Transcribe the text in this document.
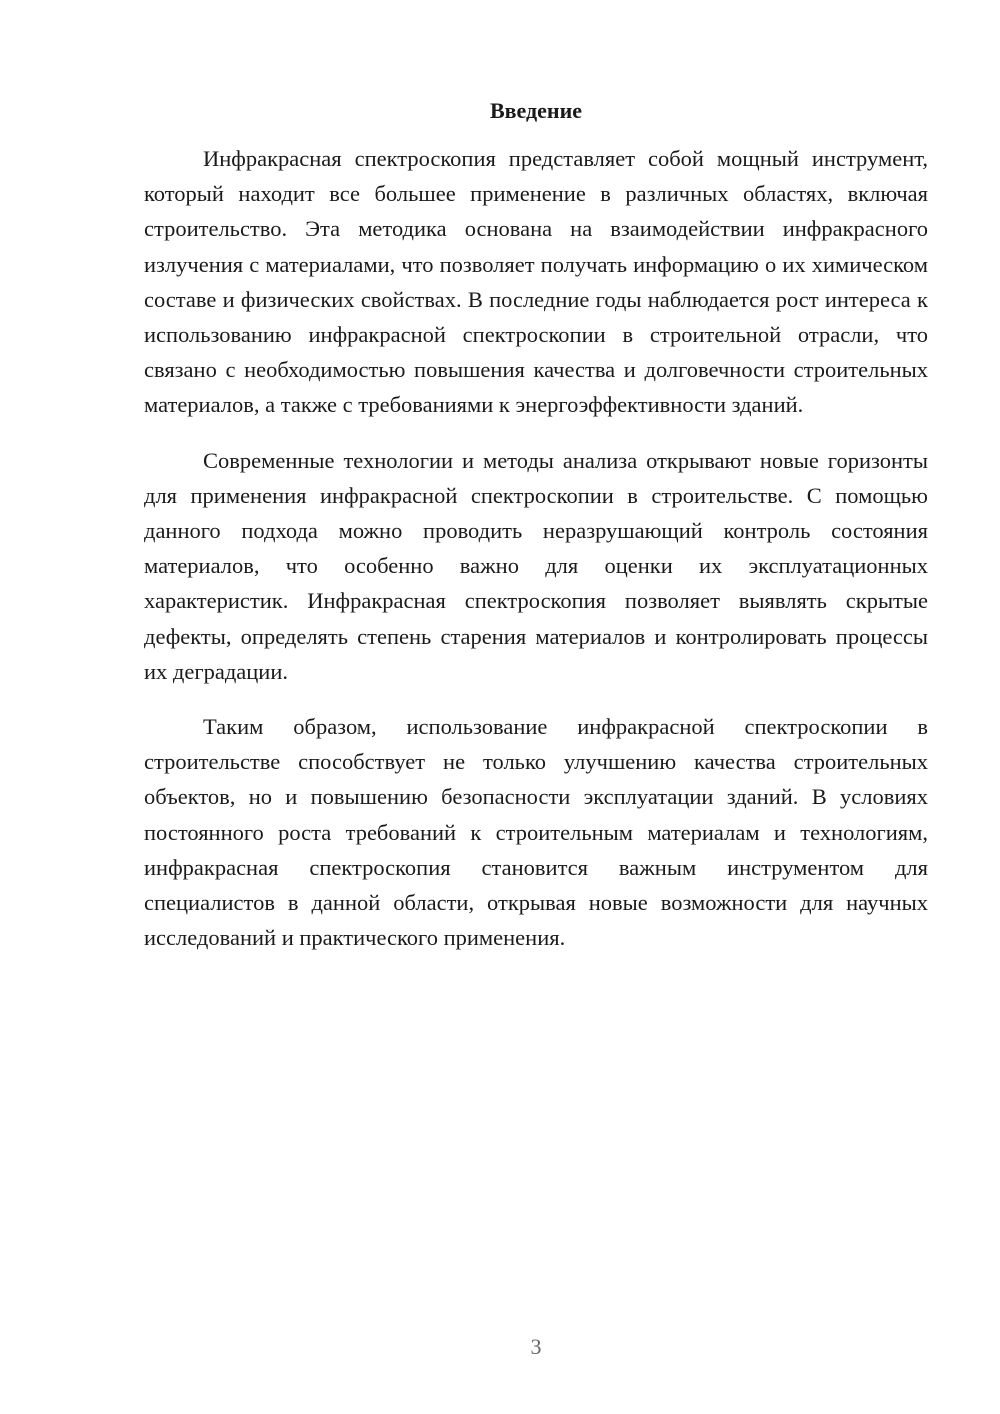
Введение

Инфракрасная спектроскопия представляет собой мощный инструмент, который находит все большее применение в различных областях, включая строительство. Эта методика основана на взаимодействии инфракрасного излучения с материалами, что позволяет получать информацию о их химическом составе и физических свойствах. В последние годы наблюдается рост интереса к использованию инфракрасной спектроскопии в строительной отрасли, что связано с необходимостью повышения качества и долговечности строительных материалов, а также с требованиями к энергоэффективности зданий.

Современные технологии и методы анализа открывают новые горизонты для применения инфракрасной спектроскопии в строительстве. С помощью данного подхода можно проводить неразрушающий контроль состояния материалов, что особенно важно для оценки их эксплуатационных характеристик. Инфракрасная спектроскопия позволяет выявлять скрытые дефекты, определять степень старения материалов и контролировать процессы их деградации.

Таким образом, использование инфракрасной спектроскопии в строительстве способствует не только улучшению качества строительных объектов, но и повышению безопасности эксплуатации зданий. В условиях постоянного роста требований к строительным материалам и технологиям, инфракрасная спектроскопия становится важным инструментом для специалистов в данной области, открывая новые возможности для научных исследований и практического применения.

3
